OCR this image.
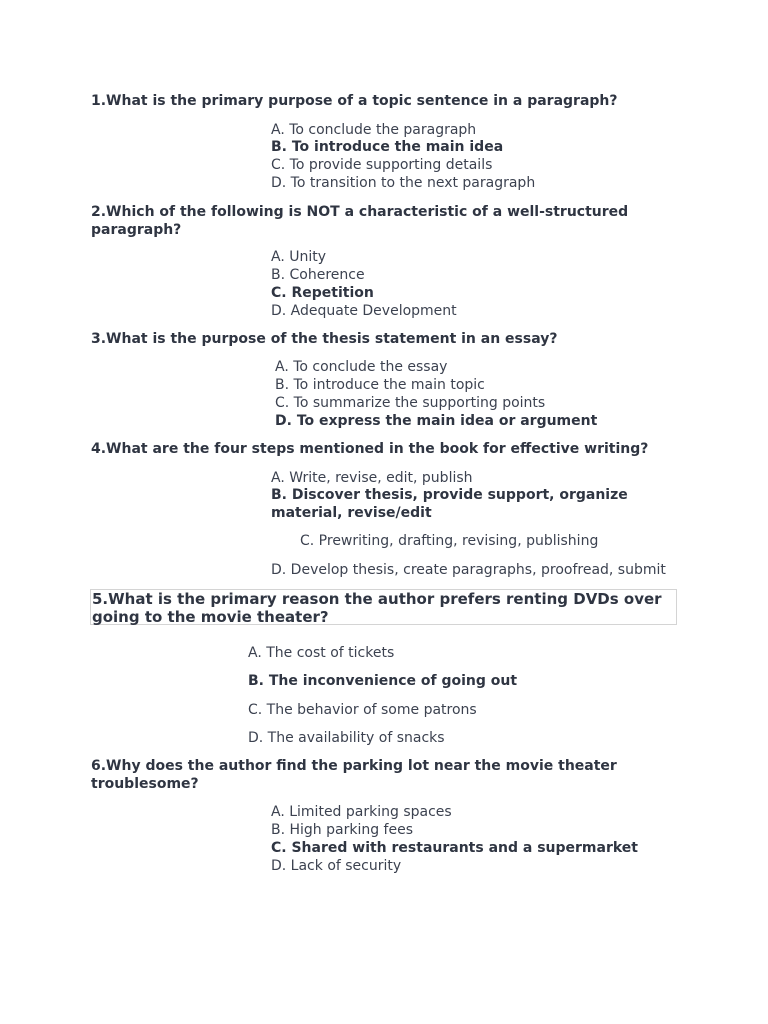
1.What is the primary purpose of a topic sentence in a paragraph?
A. To conclude the paragraph
B. To introduce the main idea
C. To provide supporting details
D. To transition to the next paragraph
2.Which of the following is NOT a characteristic of a well-structured paragraph?
A. Unity
B. Coherence
C. Repetition
D. Adequate Development
3.What is the purpose of the thesis statement in an essay?
A. To conclude the essay
B. To introduce the main topic
C. To summarize the supporting points
D. To express the main idea or argument
4.What are the four steps mentioned in the book for effective writing?
A. Write, revise, edit, publish
B. Discover thesis, provide support, organize material, revise/edit
C. Prewriting, drafting, revising, publishing
D. Develop thesis, create paragraphs, proofread, submit
5.What is the primary reason the author prefers renting DVDs over going to the movie theater?
A. The cost of tickets
B. The inconvenience of going out
C. The behavior of some patrons
D. The availability of snacks
6.Why does the author find the parking lot near the movie theater troublesome?
A. Limited parking spaces
B. High parking fees
C. Shared with restaurants and a supermarket
D. Lack of security
